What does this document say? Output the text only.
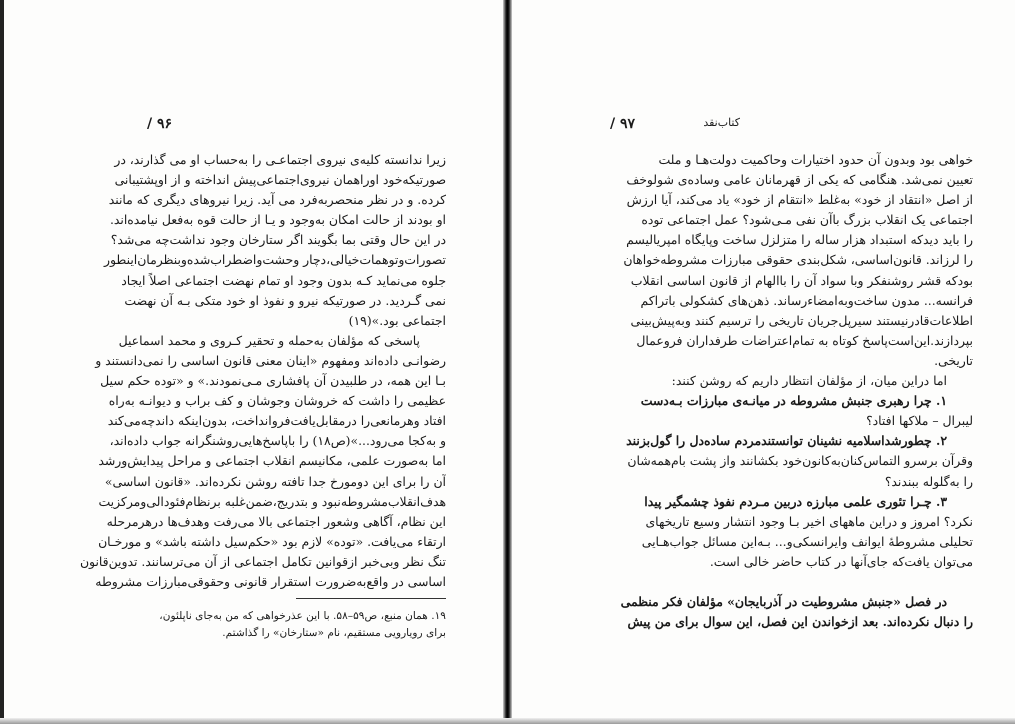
/ ۹۶

زیرا ندانسته کلیه‌ی نیروی اجتماعـی را به‌حساب او می گذارند، در
صورتیکه‌خود اوراهمان نیروی‌اجتماعی‌پیش انداخته و از اوپشتیبانی
کرده. و در نظر منحصربه‌فرد می آید. زیرا نیروهای دیگری که مانند
او بودند از حالت امکان به‌وجود و یـا از حالت قوه به‌فعل نیامده‌اند.
در این حال وقتی بما بگویند اگر ستارخان وجود نداشت‌چه می‌شد؟
تصورات‌وتوهمات‌خیالی،دچار وحشت‌واضطراب‌شده‌وبنظرمان‌اینطور
جلوه می‌نماید کـه بدون وجود او تمام نهضت اجتماعی اصلاً ایجاد
نمی گـردید. در صورتیکه نیرو و نفوذ او خود متکی بـه آن نهضت
اجتماعی بود.»(۱۹)

پاسخی که مؤلفان به‌حمله و تحقیر کـروی و محمد اسماعیل
رضوانـی داده‌اند ومفهوم «اینان معنی قانون اساسی را نمی‌دانستند و
بـا این همه، در طلبیدن آن پافشاری مـی‌نمودند.» و «توده حکم سیل
عظیمی را داشت که خروشان وجوشان و کف براب و دیوانـه به‌راه
افتاد وهرمانعی‌را درمقابل‌یافت‌فروانداخت، بدون‌اینکه داندچه‌می‌کند
و به‌کجا می‌رود...»(ص۱۸) را باپاسخ‌هایی‌روشنگرانه جواب داده‌اند،
اما به‌صورت علمی، مکانیسم انقلاب اجتماعی و مراحل پیدایش‌ورشد
آن را برای این دومورخ جدا تافته روشن نکرده‌اند. «قانون اساسی»
هدف‌انقلاب‌مشروطه‌نبود و بتدریج،ضمن‌غلبه برنظام‌فئودالی‌ومرکزیت
این نظام، آگاهی وشعور اجتماعی بالا می‌رفت وهدف‌ها درهرمرحله
ارتقاء می‌یافت. «توده» لازم بود «حکم‌سیل داشته باشد» و مورخـان
تنگ نظر وبی‌خبر ازقوانین تکامل اجتماعی از آن می‌ترسانند. تدوین‌قانون
اساسی در واقع‌به‌ضرورت استقرار قانونی وحقوقی‌مبارزات مشروطه

۱۹. همان منبع، ص۵۹–۵۸. با این عذرخواهی که من به‌جای ناپلئون،
برای رویارویی مستقیم، نام «ستارخان» را گذاشتم.
کتاب‌نقد
/ ۹۷

خواهی بود وبدون آن حدود اختیارات وحاکمیت دولت‌هـا و ملت
تعیین نمی‌شد. هنگامی که یکی از قهرمانان عامی وساده‌ی شولوخف
از اصل «انتقاد از خود» به‌غلط «انتقام از خود» یاد می‌کند، آیا ارزش
اجتماعی یک انقلاب بزرگ باآن نفی مـی‌شود؟ عمل اجتماعی توده
را باید دیدکه استبداد هزار ساله را متزلزل ساخت وپایگاه امپریالیسم
را لرزاند. قانون‌اساسی، شکل‌بندی حقوقی مبارزات مشروطه‌خواهان
بودکه قشر روشنفکر وبا سواد آن را باالهام از قانون اساسی انقلاب
فرانسه... مدون ساخت‌وبه‌امضاءرساند. ذهن‌های کشکولی باتراکم
اطلاعات‌قادرنیستند سیرپل‌جریان تاریخی را ترسیم کنند وبه‌پیش‌بینی
بپردازند.این‌است‌پاسخ کوتاه به تمام‌اعتراضات طرفداران فروعمال
تاریخی.

اما دراین میان، از مؤلفان انتظار داریم که روشن کنند:
۱. چرا رهبری جنبش مشروطه در میانـه‌ی مبارزات بـه‌دست
لیبرال – ملاکها افتاد؟
۲. چطورشداسلامیه نشینان توانستندمردم ساده‌دل را گول‌بزنند
وقرآن برسرو التماس‌کنان‌به‌کانون‌خود بکشانند واز پشت بام‌همه‌شان
را به‌گلوله ببندند؟
۳. چـرا تئوری علمی مبارزه دربین مـردم نفوذ چشمگیر پیدا
نکرد؟ امروز و دراین ماههای اخیر بـا وجود انتشار وسیع تاریخهای
تحلیلی مشروطهٔ ایوانف وایرانسکی‌و... بـه‌این مسائل جواب‌هـایی
می‌توان یافت‌که جای‌آنها در کتاب حاضر خالی است.

در فصل «جنبش مشروطیت در آذربایجان» مؤلفان فکر منظمی
را دنبال نکرده‌اند. بعد ازخواندن این فصل، این سوال برای من پیش
